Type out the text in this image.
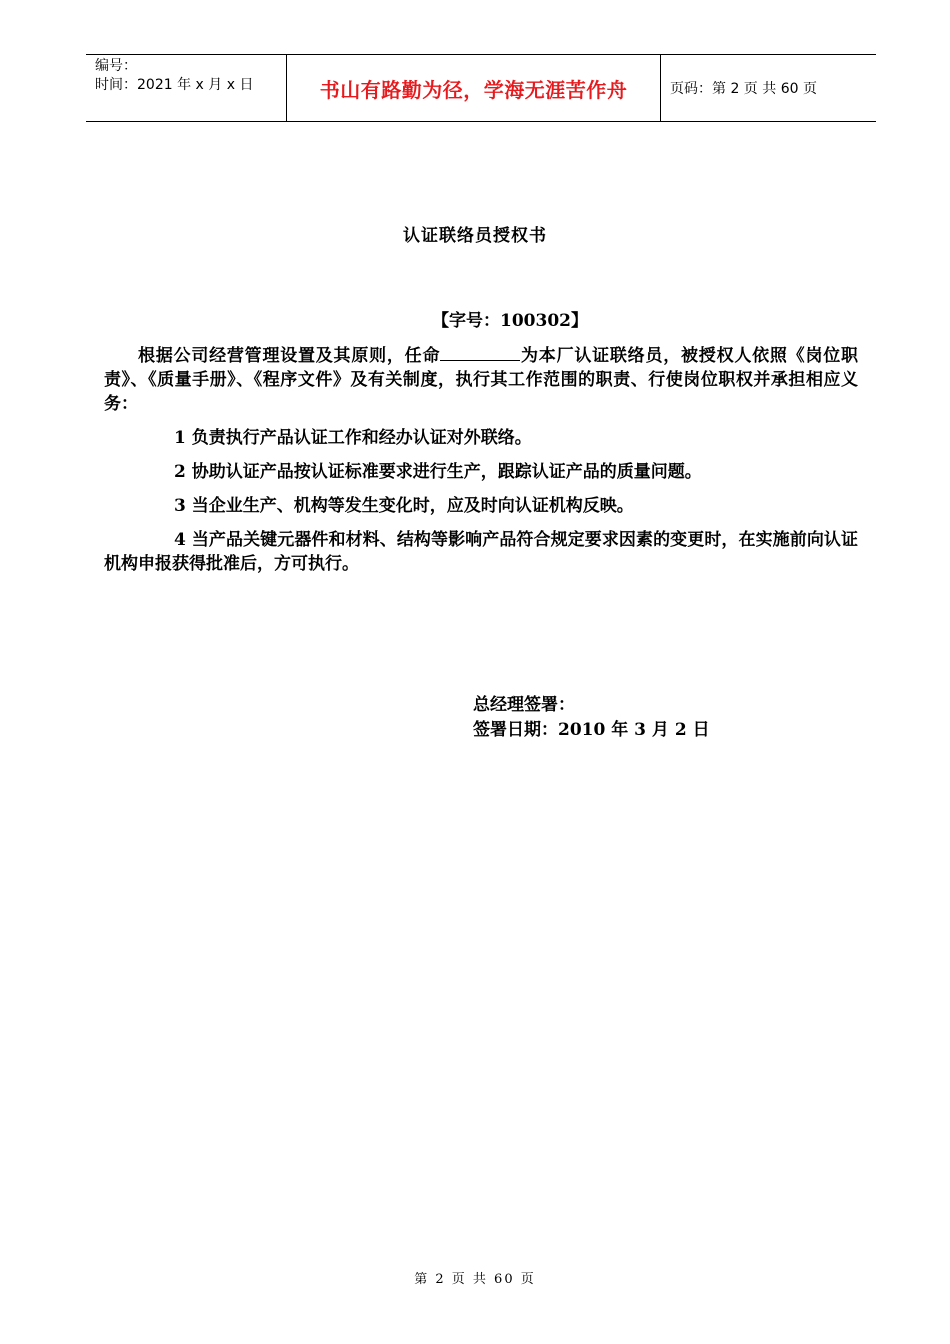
编号：
时间：2021 年 x 月 x 日	书山有路勤为径，学海无涯苦作舟	页码：第 2 页 共 60 页
认证联络员授权书
【字号：100302】

根据公司经营管理设置及其原则，任命	为本厂认证联络员，被授权人依照《岗位职责》、《质量手册》、《程序文件》及有关制度，执行其工作范围的职责、行使岗位职权并承担相应义务：

1 负责执行产品认证工作和经办认证对外联络。

2 协助认证产品按认证标准要求进行生产，跟踪认证产品的质量问题。

3 当企业生产、机构等发生变化时，应及时向认证机构反映。

4 当产品关键元器件和材料、结构等影响产品符合规定要求因素的变更时，在实施前向认证机构申报获得批准后，方可执行。

总经理签署：
签署日期：2010 年 3 月 2 日
第 2 页 共 60 页
